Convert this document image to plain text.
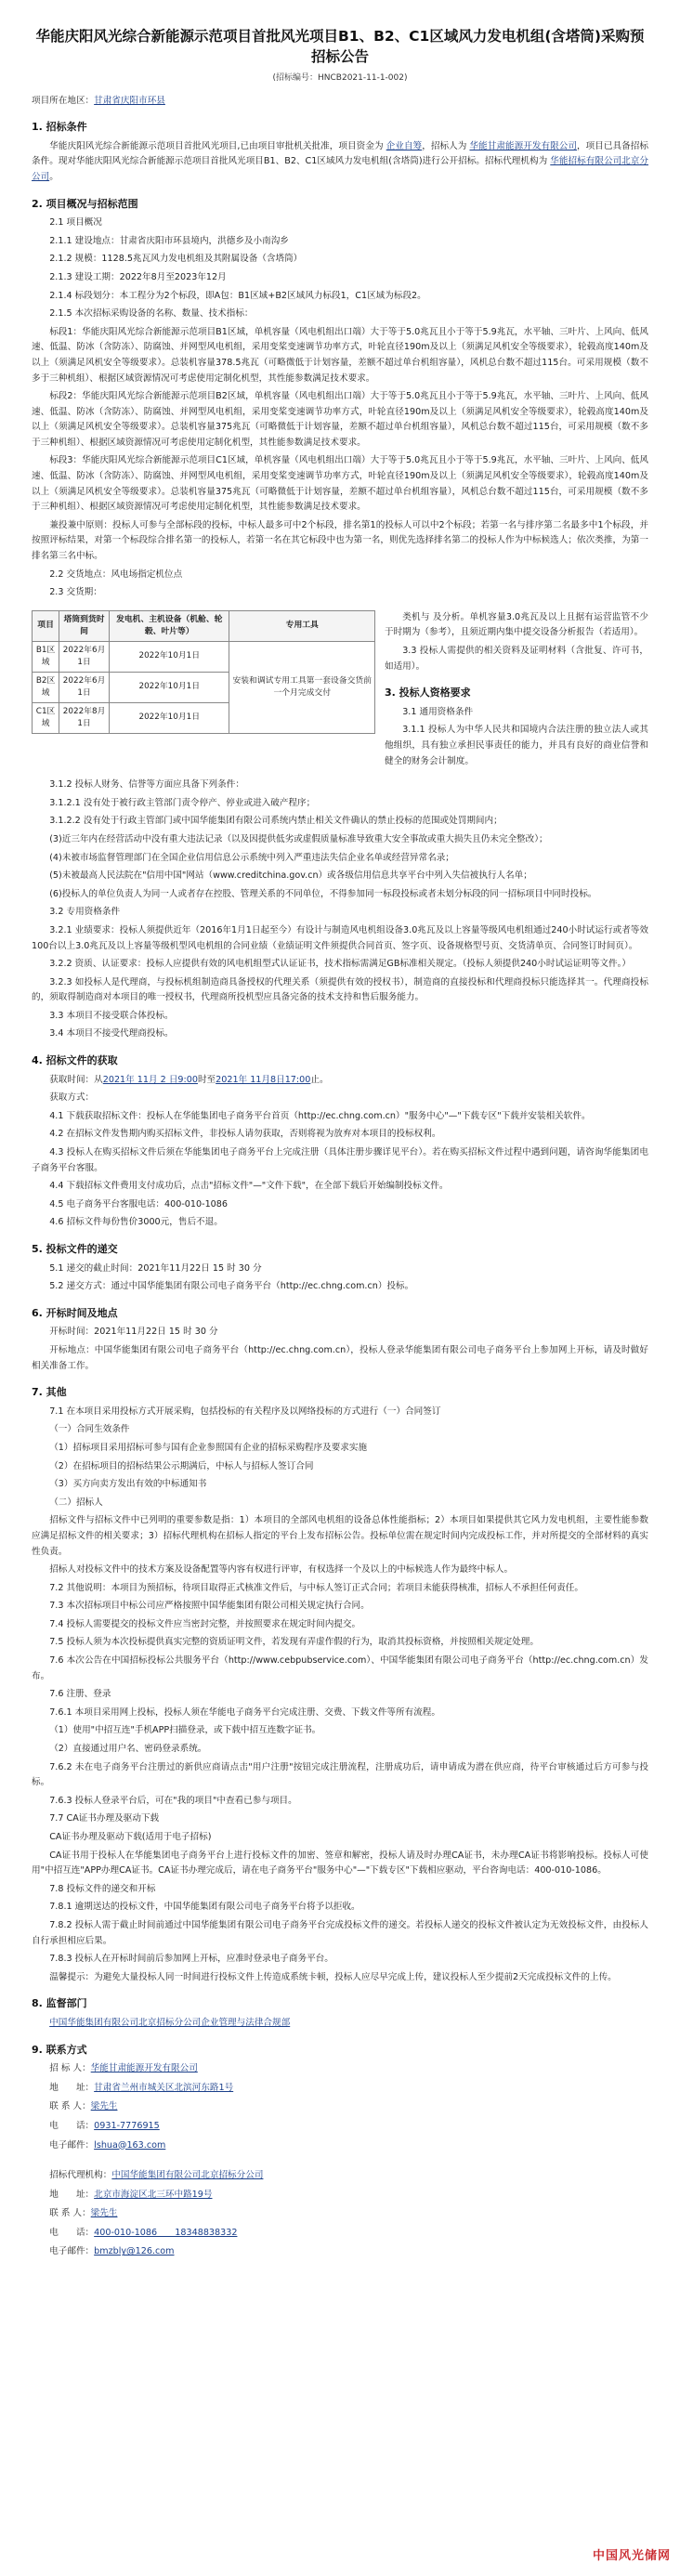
华能庆阳风光综合新能源示范项目首批风光项目B1、B2、C1区域风力发电机组(含塔筒)采购预招标公告
(招标编号：HNCB2021-11-1-002)

项目所在地区：甘肃省庆阳市环县

1. 招标条件

华能庆阳风光综合新能源示范项目首批风光项目,已由项目审批机关批准，项目资金为 企业自筹，招标人为 华能甘肃能源开发有限公司，项目已具备招标条件。现对华能庆阳风光综合新能源示范项目首批风光项目B1、B2、C1区域风力发电机组(含塔筒)进行公开招标。招标代理机构为 华能招标有限公司北京分公司。

2. 项目概况与招标范围

2.1 项目概况

2.1.1 建设地点：甘肃省庆阳市环县境内，洪德乡及小南沟乡

2.1.2 规模：1128.5兆瓦风力发电机组及其附属设备（含塔筒）

2.1.3 建设工期：2022年8月至2023年12月

2.1.4 标段划分：本工程分为2个标段，即A包：B1区域+B2区域风力标段1，C1区域为标段2。

2.1.5 本次招标采购设备的名称、数量、技术指标：

标段1：华能庆阳风光综合新能源示范项目B1区域，单机容量（风电机组出口端）大于等于5.0兆瓦且小于等于5.9兆瓦，水平轴、三叶片、上风向、低风速、低温、防冰（含防冻）、防腐蚀、并网型风电机组，采用变桨变速调节功率方式，叶轮直径190m及以上（须满足风机安全等级要求），轮毂高度140m及以上（须满足风机安全等级要求）。总装机容量378.5兆瓦（可略微低于计划容量，差额不超过单台机组容量），风机总台数不超过115台。可采用规模（数不多于三种机组）、根据区域资源情况可考虑使用定制化机型，其性能参数满足技术要求。

标段2：华能庆阳风光综合新能源示范项目B2区域，单机容量（风电机组出口端）大于等于5.0兆瓦且小于等于5.9兆瓦，水平轴、三叶片、上风向、低风速、低温、防冰（含防冻）、防腐蚀、并网型风电机组，采用变桨变速调节功率方式，叶轮直径190m及以上（须满足风机安全等级要求），轮毂高度140m及以上（须满足风机安全等级要求）。总装机容量375兆瓦（可略微低于计划容量，差额不超过单台机组容量），风机总台数不超过115台，可采用规模（数不多于三种机组）、根据区域资源情况可考虑使用定制化机型，其性能参数满足技术要求。

标段3：华能庆阳风光综合新能源示范项目C1区域，单机容量（风电机组出口端）大于等于5.0兆瓦且小于等于5.9兆瓦，水平轴、三叶片、上风向、低风速、低温、防冰（含防冻）、防腐蚀、并网型风电机组，采用变桨变速调节功率方式，叶轮直径190m及以上（须满足风机安全等级要求），轮毂高度140m及以上（须满足风机安全等级要求）。总装机容量375兆瓦（可略微低于计划容量，差额不超过单台机组容量），风机总台数不超过115台，可采用规模（数不多于三种机组）、根据区域资源情况可考虑使用定制化机型，其性能参数满足技术要求。

兼投兼中原则：投标人可参与全部标段的投标，中标人最多可中2个标段，排名第1的投标人可以中2个标段；若第一名与排序第二名最多中1个标段，并按照评标结果，对第一个标段综合排名第一的投标人，若第一名在其它标段中也为第一名，则优先选择排名第二的投标人作为中标候选人；依次类推，为第一排名第三名中标。

2.2 交货地点：风电场指定机位点

2.3 交货期：

项目	塔筒到货时间	发电机、主机设备（机舱、轮毂、叶片等）	专用工具
B1区域	2022年6月1日	2022年10月1日	安装和调试专用工具第一套设备交货前一个月完成交付
B2区域	2022年6月1日	2022年10月1日	
C1区域	2022年8月1日	2022年10月1日	

类机与 及分析。单机容量3.0兆瓦及以上且据有运营监管不少于时期为（参考），且须近期内集中提交设备分析报告（若适用）。

3.3 投标人需提供的相关资料及证明材料（含批复、许可书，如适用）。

3. 投标人资格要求

3.1 通用资格条件

3.1.1 投标人为中华人民共和国境内合法注册的独立法人或其他组织，具有独立承担民事责任的能力，并具有良好的商业信誉和健全的财务会计制度。

3.1.2 投标人财务、信誉等方面应具备下列条件：

3.1.2.1 没有处于被行政主管部门责令停产、停业或进入破产程序；

3.1.2.2 没有处于行政主管部门或中国华能集团有限公司系统内禁止相关文件确认的禁止投标的范围或处罚期间内；

(3)近三年内在经营活动中没有重大违法记录（以及因提供低劣或虚假质量标准导致重大安全事故或重大损失且仍未完全整改）；

(4)未被市场监督管理部门在全国企业信用信息公示系统中列入严重违法失信企业名单或经营异常名录；

(5)未被最高人民法院在"信用中国"网站（www.creditchina.gov.cn）或各级信用信息共享平台中列入失信被执行人名单；

(6)投标人的单位负责人为同一人或者存在控股、管理关系的不同单位，不得参加同一标段投标或者未划分标段的同一招标项目中同时投标。

3.2 专用资格条件

3.2.1 业绩要求：投标人须提供近年（2016年1月1日起至今）有设计与制造风电机组设备3.0兆瓦及以上容量等级风电机组通过240小时试运行或者等效100台以上3.0兆瓦及以上容量等级机型风电机组的合同业绩（业绩证明文件须提供合同首页、签字页、设备规格型号页、交货清单页、合同签订时间页）。

3.2.2 资质、认证要求：投标人应提供有效的风电机组型式认证证书，技术指标需满足GB标准相关规定。（投标人须提供240小时试运证明等文件。）

3.2.3 如投标人是代理商，与投标机组制造商具备授权的代理关系（须提供有效的授权书），制造商的直接投标和代理商投标只能选择其一。代理商投标的，须取得制造商对本项目的唯一授权书，代理商所投机型应具备完备的技术支持和售后服务能力。

3.3 本项目不接受联合体投标。

3.4 本项目不接受代理商投标。

4. 招标文件的获取

获取时间：从2021年 11月 2 日9:00时至2021年 11月8日17:00止。

获取方式：

4.1 下载获取招标文件：投标人在华能集团电子商务平台首页（http://ec.chng.com.cn）"服务中心"—"下载专区"下载并安装相关软件。

4.2 在招标文件发售期内购买招标文件，非投标人请勿获取，否则将视为放弃对本项目的投标权利。

4.3 投标人在购买招标文件后须在华能集团电子商务平台上完成注册（具体注册步骤详见平台）。若在购买招标文件过程中遇到问题，请咨询华能集团电子商务平台客服。

4.4 下载招标文件费用支付成功后，点击"招标文件"—"文件下载"，在全部下载后开始编制投标文件。

4.5 电子商务平台客服电话：400-010-1086

4.6 招标文件每份售价3000元，售后不退。

5. 投标文件的递交

5.1 递交的截止时间：2021年11月22日 15 时 30 分

5.2 递交方式：通过中国华能集团有限公司电子商务平台（http://ec.chng.com.cn）投标。

6. 开标时间及地点

开标时间：2021年11月22日 15 时 30 分

开标地点：中国华能集团有限公司电子商务平台（http://ec.chng.com.cn），投标人登录华能集团有限公司电子商务平台上参加网上开标，请及时做好相关准备工作。

7. 其他

7.1 在本项目采用投标方式开展采购，包括投标的有关程序及以网络投标的方式进行（一）合同签订

（一）合同生效条件

（1）招标项目采用招标可参与国有企业参照国有企业的招标采购程序及要求实施

（2）在招标项目的招标结果公示期满后，中标人与招标人签订合同

（3）买方向卖方发出有效的中标通知书

（二）招标人

招标文件与招标文件中已列明的重要参数是指：1）本项目的全部风电机组的设备总体性能指标；2）本项目如果提供其它风力发电机组，主要性能参数应满足招标文件的相关要求；3）招标代理机构在招标人指定的平台上发布招标公告。投标单位需在规定时间内完成投标工作，并对所提交的全部材料的真实性负责。

招标人对投标文件中的技术方案及设备配置等内容有权进行评审，有权选择一个及以上的中标候选人作为最终中标人。

7.2 其他说明：本项目为预招标，待项目取得正式核准文件后，与中标人签订正式合同；若项目未能获得核准，招标人不承担任何责任。

7.3 本次招标项目中标公司应严格按照中国华能集团有限公司相关规定执行合同。

7.4 投标人需要提交的投标文件应当密封完整，并按照要求在规定时间内提交。

7.5 投标人须为本次投标提供真实完整的资质证明文件，若发现有弄虚作假的行为，取消其投标资格，并按照相关规定处理。

7.6 本次公告在中国招标投标公共服务平台（http://www.cebpubservice.com）、中国华能集团有限公司电子商务平台（http://ec.chng.com.cn）发布。

7.6 注册、登录

7.6.1 本项目采用网上投标，投标人须在华能电子商务平台完成注册、交费、下载文件等所有流程。

（1）使用"中招互连"手机APP扫描登录，或下载中招互连数字证书。

（2）直接通过用户名、密码登录系统。

7.6.2 未在电子商务平台注册过的新供应商请点击"用户注册"按钮完成注册流程，注册成功后，请申请成为潜在供应商，待平台审核通过后方可参与投标。

7.6.3 投标人登录平台后，可在"我的项目"中查看已参与项目。

7.7 CA证书办理及驱动下载

CA证书办理及驱动下载(适用于电子招标)

CA证书用于投标人在华能集团电子商务平台上进行投标文件的加密、签章和解密，投标人请及时办理CA证书，未办理CA证书将影响投标。投标人可使用"中招互连"APP办理CA证书。CA证书办理完成后，请在电子商务平台"服务中心"—"下载专区"下载相应驱动，平台咨询电话：400-010-1086。

7.8 投标文件的递交和开标

7.8.1 逾期送达的投标文件，中国华能集团有限公司电子商务平台将予以拒收。

7.8.2 投标人需于截止时间前通过中国华能集团有限公司电子商务平台完成投标文件的递交。若投标人递交的投标文件被认定为无效投标文件，由投标人自行承担相应后果。

7.8.3 投标人在开标时间前后参加网上开标，应准时登录电子商务平台。

温馨提示：为避免大量投标人同一时间进行投标文件上传造成系统卡顿，投标人应尽早完成上传，建议投标人至少提前2天完成投标文件的上传。

8. 监督部门

中国华能集团有限公司北京招标分公司企业管理与法律合规部

9. 联系方式
招 标 人：华能甘肃能源开发有限公司
地　　址：甘肃省兰州市城关区北滨河东路1号
联 系 人：梁先生
电　　话：0931-7776915
电子邮件：lshua@163.com
招标代理机构：中国华能集团有限公司北京招标分公司
地　　址：北京市海淀区北三环中路19号
联 系 人：梁先生
电　　话：400-010-1086　　18348838332
电子邮件：bmzbly@126.com
中国风光储网
